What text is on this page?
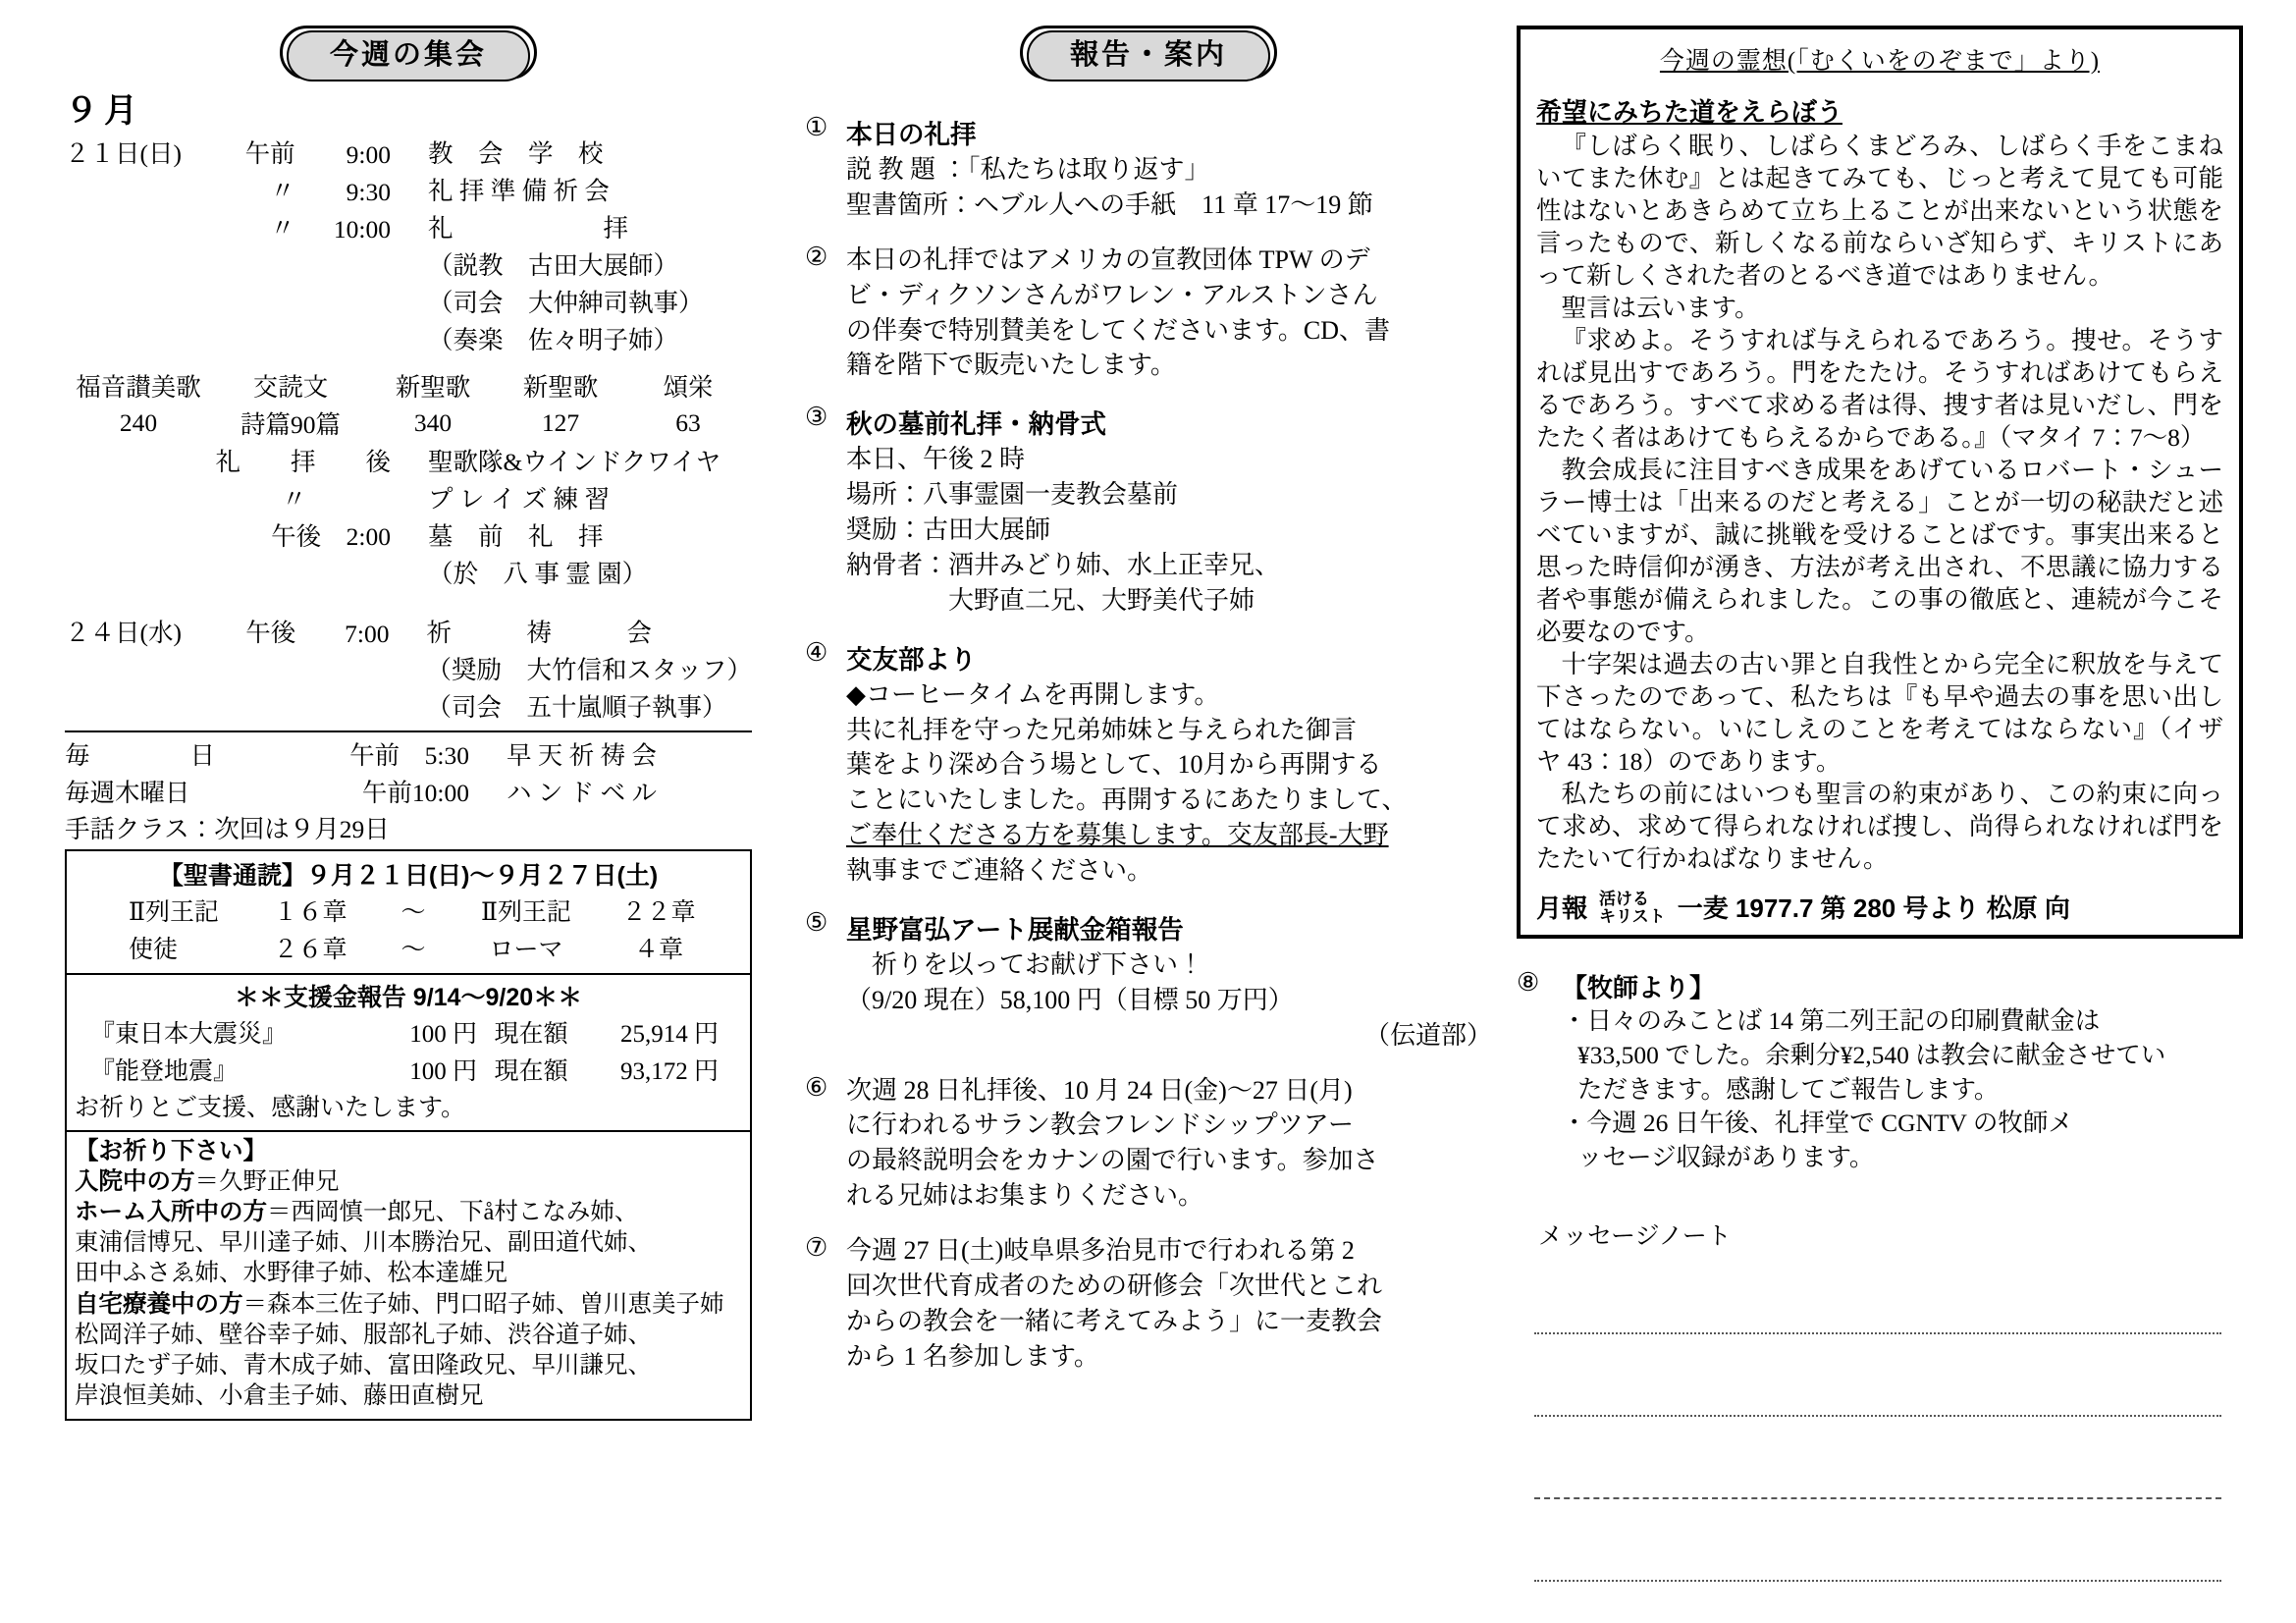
今週の集会
９月
２１日(日)	午前	9:00	教　会　学　校

	〃	9:30	礼 拝 準 備 祈 会

	〃	10:00	礼　　　　　　拝

			（説教　古田大展師）
			（司会　大仲紳司執事）
			（奏楽　佐々明子姉）
福音讃美歌	交読文	新聖歌	新聖歌	頌栄
240	詩篇90篇	340	127	63
	礼　　拝　　後		聖歌隊&ウインドクワイヤ
	〃		プ レ イ ズ 練 習

	午後　2:00		墓　前　礼　拝

			（於　八 事 霊 園）
２４日(水)	午後	7:00	祈　　　祷　　　会

			（奨励　大竹信和スタッフ）
			（司会　五十嵐順子執事）
毎　　　　日	午前　5:30	早 天 祈 祷 会

毎週木曜日	午前10:00	ハ ン ド ベ ル
手話クラス：次回は９月29日
【聖書通読】９月２１日(日)〜９月２７日(土)
Ⅱ列王記	１６章	〜	Ⅱ列王記	２２章
使徒	２６章	〜	ローマ	４章
＊＊支援金報告 9/14〜9/20＊＊
『東日本大震災』	100 円	現在額	25,914 円
『能登地震』	100 円	現在額	93,172 円
お祈りとご支援、感謝いたします。
【お祈り下さい】
入院中の方＝久野正伸兄
ホーム入所中の方＝西岡慎一郎兄、下å村こなみ姉、
東浦信博兄、早川達子姉、川本勝治兄、副田道代姉、
田中ふさゑ姉、水野律子姉、松本達雄兄
自宅療養中の方＝森本三佐子姉、門口昭子姉、曽川恵美子姉
松岡洋子姉、壁谷幸子姉、服部礼子姉、渋谷道子姉、
坂口たず子姉、青木成子姉、富田隆政兄、早川謙兄、
岸浪恒美姉、小倉圭子姉、藤田直樹兄
報告・案内
① 本日の礼拝
説 教 題 ：「私たちは取り返す」
聖書箇所：ヘブル人への手紙　11 章 17〜19 節
② 本日の礼拝ではアメリカの宣教団体 TPW のデ
ビ・ディクソンさんがワレン・アルストンさん
の伴奏で特別賛美をしてくださいます。CD、書
籍を階下で販売いたします。
③ 秋の墓前礼拝・納骨式
本日、午後 2 時
場所：八事霊園一麦教会墓前
奨励：古田大展師
納骨者：酒井みどり姉、水上正幸兄、
　　　　大野直二兄、大野美代子姉
④ 交友部より
◆コーヒータイムを再開します。
共に礼拝を守った兄弟姉妹と与えられた御言
葉をより深め合う場として、10月から再開する
ことにいたしました。再開するにあたりまして、
ご奉仕くださる方を募集します。交友部長-大野
執事までご連絡ください。
⑤ 星野富弘アート展献金箱報告
　祈りを以ってお献げ下さい！
（9/20 現在）58,100 円（目標 50 万円）
（伝道部）
⑥ 次週 28 日礼拝後、10 月 24 日(金)〜27 日(月)
に行われるサラン教会フレンドシップツアー
の最終説明会をカナンの園で行います。参加さ
れる兄姉はお集まりください。
⑦ 今週 27 日(土)岐阜県多治見市で行われる第 2
回次世代育成者のための研修会「次世代とこれ
からの教会を一緒に考えてみよう」に一麦教会
から 1 名参加します。
今週の霊想(「むくいをのぞまで」より)
希望にみちた道をえらぼう
『しばらく眠り、しばらくまどろみ、しばらく手をこまねいてまた休む』とは起きてみても、じっと考えて見ても可能性はないとあきらめて立ち上ることが出来ないという状態を言ったもので、新しくなる前ならいざ知らず、キリストにあって新しくされた者のとるべき道ではありません。
聖言は云います。
『求めよ。そうすれば与えられるであろう。捜せ。そうすれば見出すであろう。門をたたけ。そうすればあけてもらえるであろう。すべて求める者は得、捜す者は見いだし、門をたたく者はあけてもらえるからである。』（マタイ 7：7〜8）
教会成長に注目すべき成果をあげているロバート・シューラー博士は「出来るのだと考える」ことが一切の秘訣だと述べていますが、誠に挑戦を受けることばです。事実出来ると思った時信仰が湧き、方法が考え出され、不思議に協力する者や事態が備えられました。この事の徹底と、連続が今こそ必要なのです。
十字架は過去の古い罪と自我性とから完全に釈放を与えて下さったのであって、私たちは『も早や過去の事を思い出してはならない。いにしえのことを考えてはならない』（イザヤ 43：18）のであります。
私たちの前にはいつも聖言の約束があり、この約束に向って求め、求めて得られなければ捜し、尚得られなければ門をたたいて行かねばなりません。
月報 活ける
キリスト 一麦 1977.7 第 280 号より 松原 向
⑧ 【牧師より】
・日々のみことば 14 第二列王記の印刷費献金は
¥33,500 でした。余剰分¥2,540 は教会に献金させてい
ただきます。感謝してご報告します。
・今週 26 日午後、礼拝堂で CGNTV の牧師メ
ッセージ収録があります。
メッセージノート
